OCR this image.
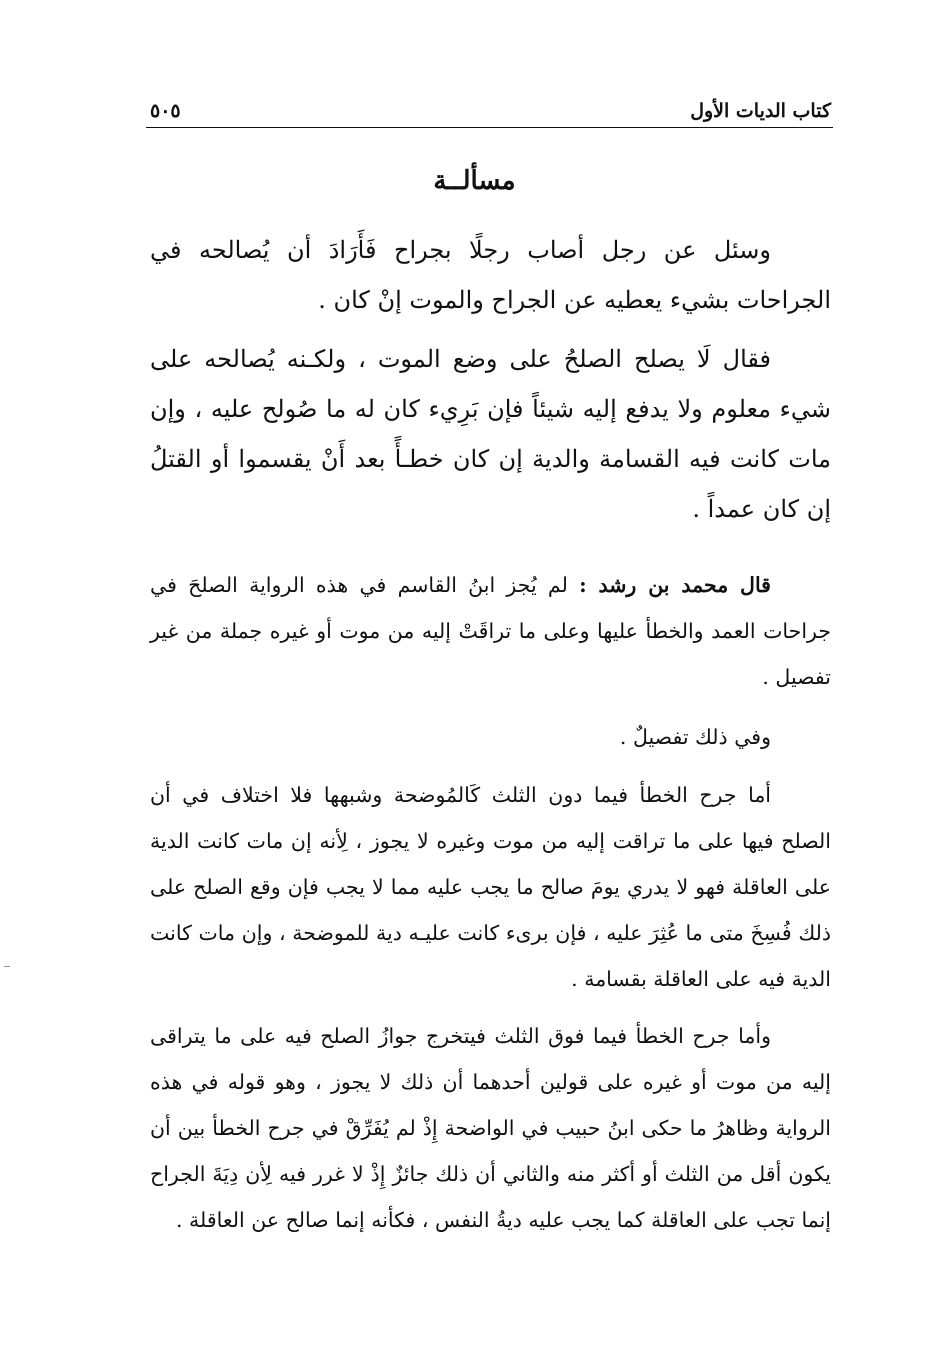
كتاب الديات الأول
٥٠٥
مسألــة

وسئل عن رجل أصاب رجلًا بجراح فَأَرَادَ أن يُصالحه في الجراحات بشيء يعطيه عن الجراح والموت إنْ كان .

فقال لَا يصلح الصلحُ على وضع الموت ، ولكـنه يُصالحه على شيء معلوم ولا يدفع إليه شيئاً فإن بَرِيء كان له ما صُولح عليه ، وإن مات كانت فيه القسامة والدية إن كان خطـأً بعد أَنْ يقسموا أو القتلُ إن كان عمداً .

قال محمد بن رشد : لم يُجز ابنُ القاسم في هذه الرواية الصلحَ في جراحات العمد والخطأ عليها وعلى ما تراقَتْ إليه من موت أو غيره جملة من غير تفصيل .

وفي ذلك تفصيلٌ .

أما جرح الخطأ فيما دون الثلث كَالمُوضحة وشبهها فلا اختلاف في أن الصلح فيها على ما تراقت إليه من موت وغيره لا يجوز ، لِأنه إن مات كانت الدية على العاقلة فهو لا يدري يومَ صالح ما يجب عليه مما لا يجب فإن وقع الصلح على ذلك فُسِخَ متى ما عُثِرَ عليه ، فإن برىء كانت عليـه دية للموضحة ، وإن مات كانت الدية فيه على العاقلة بقسامة .

وأما جرح الخطأ فيما فوق الثلث فيتخرج جوازُ الصلح فيه على ما يتراقى إليه من موت أو غيره على قولين أحدهما أن ذلك لا يجوز ، وهو قوله في هذه الرواية وظاهرُ ما حكى ابنُ حبيب في الواضحة إِذْ لم يُفَرِّقْ في جرح الخطأ بين أن يكون أقل من الثلث أو أكثر منه والثاني أن ذلك جائزٌ إِذْ لا غرر فيه لِأن دِيَةَ الجراح إنما تجب على العاقلة كما يجب عليه ديةُ النفس ، فكأنه إنما صالح عن العاقلة .
